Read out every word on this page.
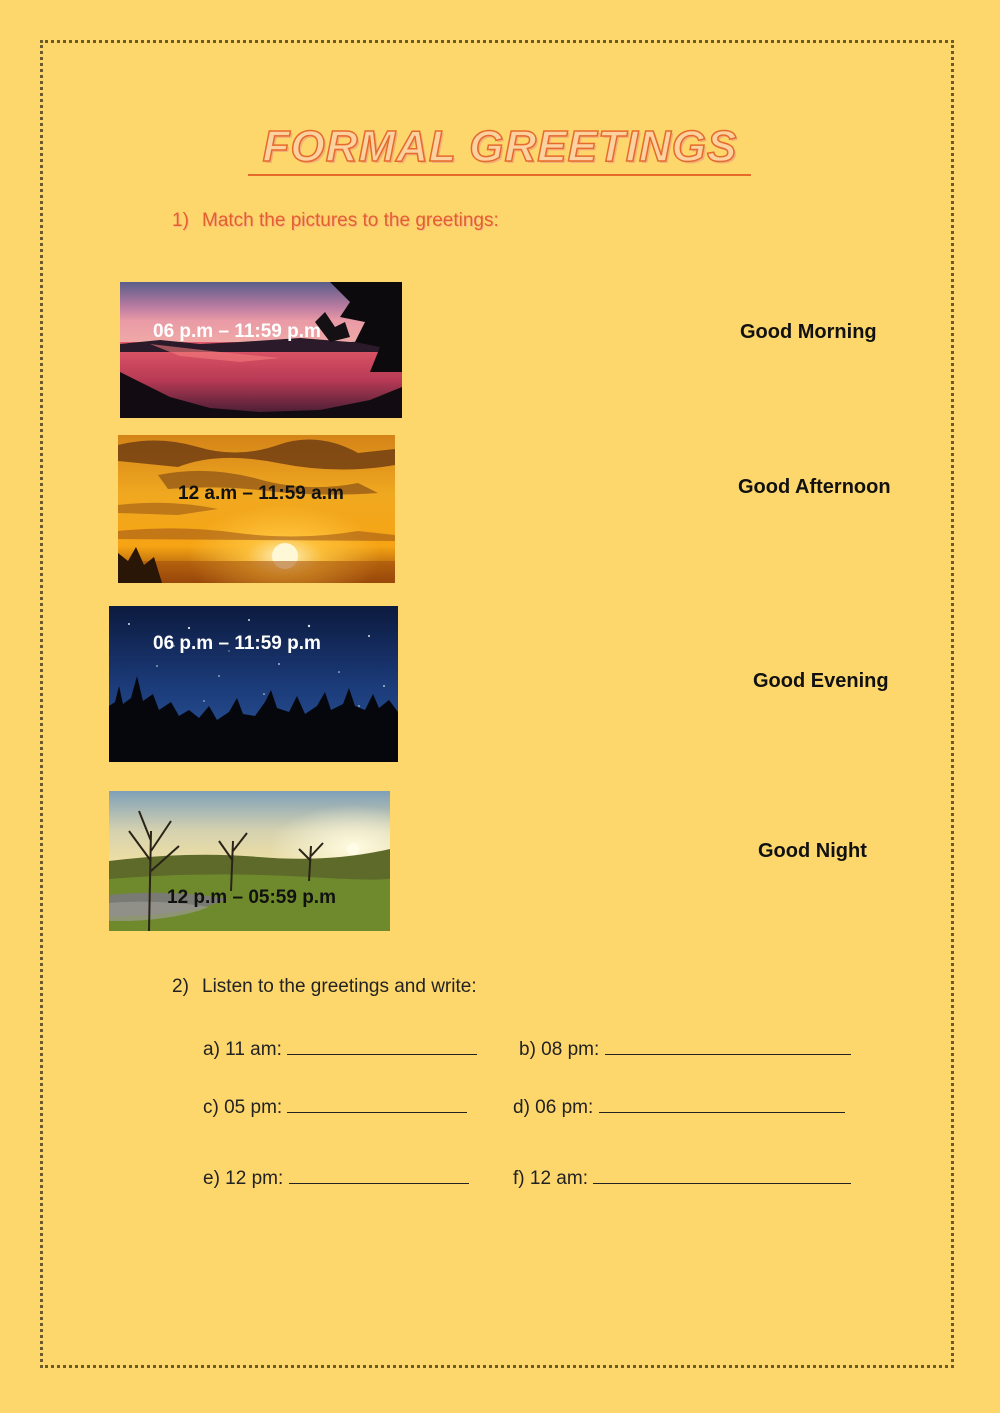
FORMAL GREETINGS
1) Match the pictures to the greetings:
06 p.m – 11:59 p.m
12 a.m – 11:59 a.m
06 p.m – 11:59 p.m
12 p.m – 05:59 p.m
Good Morning
Good Afternoon
Good Evening
Good Night
2) Listen to the greetings and write:
a) 11 am:	b) 08 pm:
c) 05 pm:	d) 06 pm:
e) 12 pm:	f) 12 am:
